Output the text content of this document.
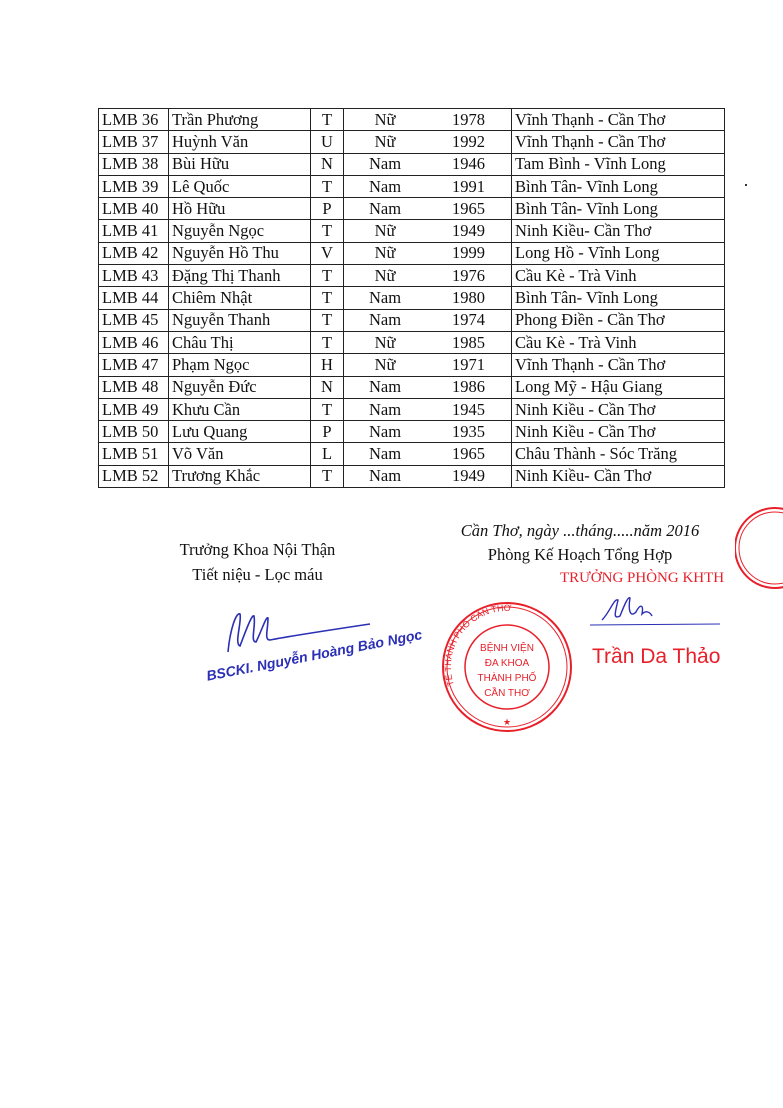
LMB 36	Trần Phương	T	Nữ	1978	Vĩnh Thạnh - Cần Thơ
LMB 37	Huỳnh Văn	U	Nữ	1992	Vĩnh Thạnh - Cần Thơ
LMB 38	Bùi Hữu	N	Nam	1946	Tam Bình - Vĩnh Long
LMB 39	Lê Quốc	T	Nam	1991	Bình Tân- Vĩnh Long
LMB 40	Hồ Hữu	P	Nam	1965	Bình Tân- Vĩnh Long
LMB 41	Nguyễn Ngọc	T	Nữ	1949	Ninh Kiều- Cần Thơ
LMB 42	Nguyễn Hồ Thu	V	Nữ	1999	Long Hồ - Vĩnh Long
LMB 43	Đặng Thị Thanh	T	Nữ	1976	Cầu Kè - Trà Vinh
LMB 44	Chiêm Nhật	T	Nam	1980	Bình Tân- Vĩnh Long
LMB 45	Nguyễn Thanh	T	Nam	1974	Phong Điền - Cần Thơ
LMB 46	Châu Thị	T	Nữ	1985	Cầu Kè - Trà Vinh
LMB 47	Phạm Ngọc	H	Nữ	1971	Vĩnh Thạnh - Cần Thơ
LMB 48	Nguyễn Đức	N	Nam	1986	Long Mỹ - Hậu Giang
LMB 49	Khưu Cần	T	Nam	1945	Ninh Kiều - Cần Thơ
LMB 50	Lưu Quang	P	Nam	1935	Ninh Kiều - Cần Thơ
LMB 51	Võ Văn	L	Nam	1965	Châu Thành - Sóc Trăng
LMB 52	Trương Khắc	T	Nam	1949	Ninh Kiều- Cần Thơ
Trưởng Khoa Nội Thận
Tiết niệu - Lọc máu
BSCKI. Nguyễn Hoàng Bảo Ngọc
Cần Thơ, ngày ...tháng.....năm 2016
Phòng Kế Hoạch Tổng Hợp
TRƯỞNG PHÒNG KHTH
BỆNH VIỆN
ĐA KHOA
THÀNH PHỐ
CẦN THƠ
TẾ THÀNH PHỐ CẦN THƠ
★
Trần Da Thảo
